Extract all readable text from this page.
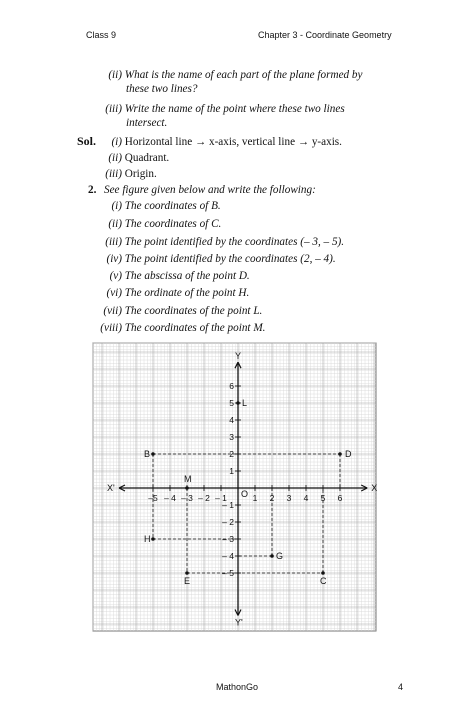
Class 9	Chapter 3 - Coordinate Geometry
(ii) What is the name of each part of the plane formed by
these two lines?
(iii) Write the name of the point where these two lines
intersect.
Sol.	(i) Horizontal line → x-axis, vertical line → y-axis.
(ii) Quadrant.
(iii) Origin.
2. See figure given below and write the following:
(i) The coordinates of B.
(ii) The coordinates of C.
(iii) The point identified by the coordinates (– 3, – 5).
(iv) The point identified by the coordinates (2, – 4).
(v) The abscissa of the point D.
(vi) The ordinate of the point H.
(vii) The coordinates of the point L.
(viii) The coordinates of the point M.
X
X'
Y
Y'
O
–5 – 4 – 3 – 2 – 1	1 2 3 4 5 6
6
5
4
3
2
1
– 1
– 2
– 3
– 4
– 5
B	D
M
L
H
G
E	C
MathonGo	4
